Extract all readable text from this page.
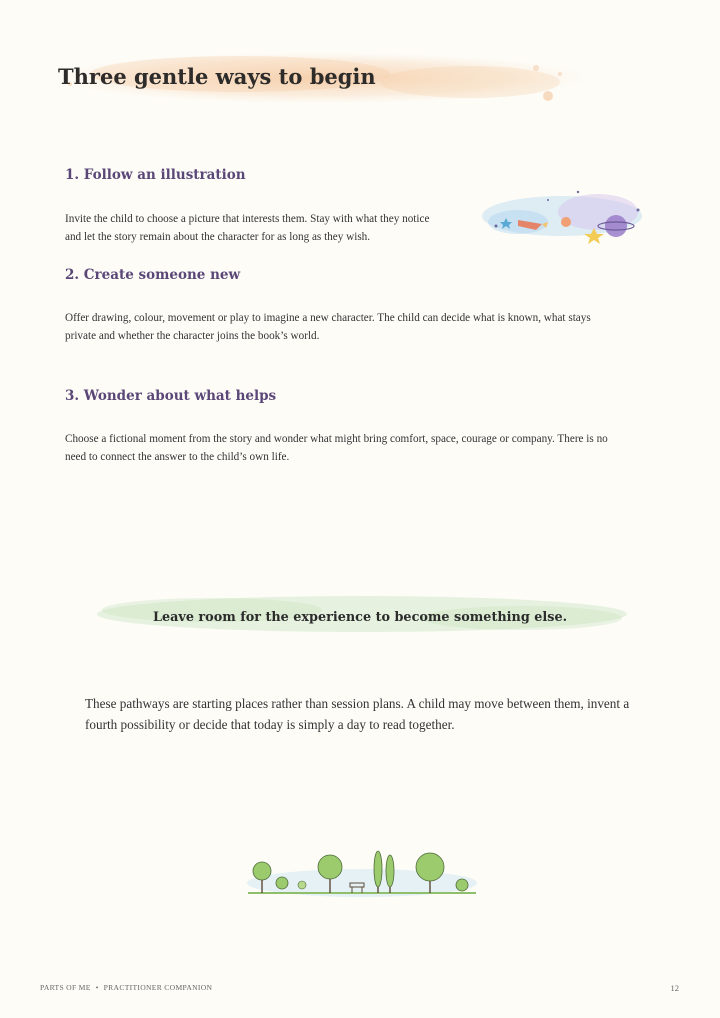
Three gentle ways to begin
1. Follow an illustration

Invite the child to choose a picture that interests them. Stay with what they notice and let the story remain about the character for as long as they wish.

2. Create someone new

Offer drawing, colour, movement or play to imagine a new character. The child can decide what is known, what stays private and whether the character joins the book’s world.

3. Wonder about what helps

Choose a fictional moment from the story and wonder what might bring comfort, space, courage or company. There is no need to connect the answer to the child’s own life.

Leave room for the experience to become something else.

These pathways are starting places rather than session plans. A child may move between them, invent a fourth possibility or decide that today is simply a day to read together.

PARTS OF ME • PRACTITIONER COMPANION	12
